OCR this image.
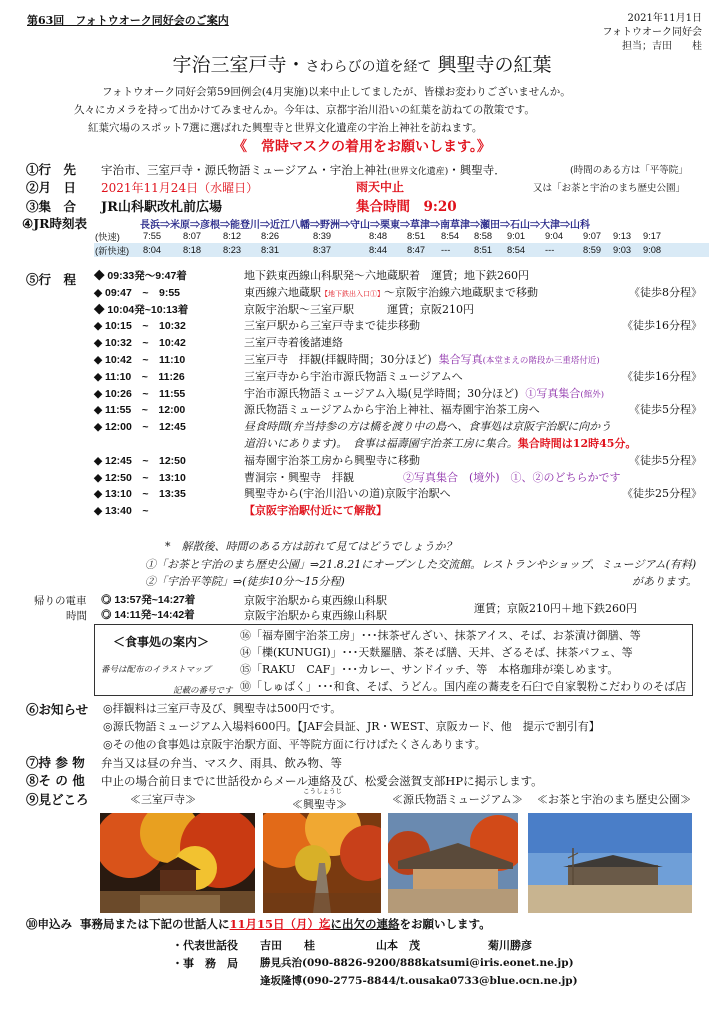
第63回　フォトウオーク同好会のご案内	2021年11月1日
フォトウオーク同好会
担当；吉田　　桂
宇治三室戸寺・さわらびの道を経て 興聖寺の紅葉
フォトウオーク同好会第59回例会(4月実施)以来中止してましたが、皆様お変わりございませんか。
久々にカメラを持って出かけてみませんか。今年は、京都宇治川沿いの紅葉を訪ねての散策です。
紅葉穴場のスポット7選に選ばれた興聖寺と世界文化遺産の宇治上神社を訪ねます。
《　常時マスクの着用をお願いします。》
①行　先 宇治市、三室戸寺・源氏物語ミュージアム・宇治上神社(世界文化遺産)・興聖寺．	(時間のある方は「平等院」
又は「お茶と宇治のまち歴史公園」
②月　日 2021年11月24日（水曜日）	雨天中止
③集　合 JR山科駅改札前広場	集合時間　9:20
④JR時刻表	長浜⇒米原⇒彦根⇒能登川⇒近江八幡⇒野洲⇒守山⇒栗東⇒草津⇒南草津⇒瀬田⇒石山⇒大津⇒山科
(快速)	7:55	8:07	8:12	8:26	8:39	8:48	8:51	8:54	8:58	9:01	9:04	9:07	9:13	9:17
(新快速)	8:04	8:18	8:23	8:31	8:37	8:44	8:47	---	8:51	8:54	---	8:59	9:03	9:08
⑤行　程	◆ 09:33発～9:47着	地下鉄東西線山科駅発～六地蔵駅着　運賃；地下鉄260円
◆ 09:47　~　9:55	東西線六地蔵駅【地下鉄出入口①】～京阪宇治線六地蔵駅まで移動	《徒歩8分程》
◆ 10:04発~10:13着	京阪宇治駅～三室戸駅　　　運賃；京阪210円
◆ 10:15　~　10:32	三室戸駅から三室戸寺まで徒歩移動	《徒歩16分程》
◆ 10:32　~　10:42	三室戸寺着後諸連絡
◆ 10:42　~　11:10	三室戸寺　拝観(拝観時間；30分ほど) 集合写真(本堂まえの階段か三重塔付近)
◆ 11:10　~　11:26	三室戸寺から宇治市源氏物語ミュージアムへ	《徒歩16分程》
◆ 10:26　~　11:55	宇治市源氏物語ミュージアム入場(見学時間；30分ほど) ①写真集合(館外)
◆ 11:55　~　12:00	源氏物語ミュージアムから宇治上神社、福寿園宇治茶工房へ	《徒歩5分程》
◆ 12:00　~　12:45	昼食時間(弁当持参の方は橋を渡り中の島へ、食事処は京阪宇治駅に向かう
道沿いにあります)。　食事は福壽園宇治茶工房に集合。集合時間は12時45分。
◆ 12:45　~　12:50	福寿園宇治茶工房から興聖寺に移動	《徒歩5分程》
◆ 12:50　~　13:10	曹洞宗・興聖寺　拝観	②写真集合　(境外)　①、②のどちらかです
◆ 13:10　~　13:35	興聖寺から(宇治川沿いの道)京阪宇治駅へ	《徒歩25分程》
◆ 13:40　~	【京阪宇治駅付近にて解散】
*　解散後、時間のある方は訪れて見てはどうでしょうか？
①「お茶と宇治のまち歴史公園」⇒21.8.21にオープンした交流館。レストランやショップ、ミュージアム(有料)
②「宇治平等院」⇒(徒歩10分～15分程)	があります。
帰りの電車
時間
◎ 13:57発~14:27着	京阪宇治駅から東西線山科駅
◎ 14:11発~14:42着	京阪宇治駅から東西線山科駅
運賃；京阪210円＋地下鉄260円
＜食事処の案内＞
番号は配布のイラストマップ
記載の番号です
⑯「福寿園宇治茶工房」･･･抹茶ぜんざい、抹茶アイス、そば、お茶漬け御膳、等
⑭「櫟(KUNUGI)」･･･天麩羅膳、茶そば膳、天丼、ざるそば、抹茶パフェ、等
⑮「RAKU　CAF」･･･カレー、サンドイッチ、等　本格珈琲が楽しめます。
⑩「しゅばく」･･･和食、そば、うどん。国内産の蕎麦を石臼で自家製粉こだわりのそば店
⑥お知らせ	◎拝観料は三室戸寺及び、興聖寺は500円です。
◎源氏物語ミュージアム入場料600円。【JAF会員証、JR・WEST、京阪カード、他　提示で割引有】
◎その他の食事処は京阪宇治駅方面、平等院方面に行けばたくさんあります。
⑦持 参 物 弁当又は昼の弁当、マスク、雨具、飲み物、等
⑧そ の 他 中止の場合前日までに世話役からメール連絡及び、松愛会滋賀支部HPに掲示します。
⑨見どころ	≪三室戸寺≫	≪興聖寺≫
こうしょうじ
≪源氏物語ミュージアム≫ ≪お茶と宇治のまち歴史公園≫
⑩申込み 事務局または下記の世話人に11月15日（月）迄に出欠の連絡をお願いします。
・代表世話役 吉田　　桂	山本　茂	菊川勝彦
・事　務　局 勝見兵治(090-8826-9200/888katsumi@iris.eonet.ne.jp)
逢坂隆博(090-2775-8844/t.ousaka0733@blue.ocn.ne.jp)
